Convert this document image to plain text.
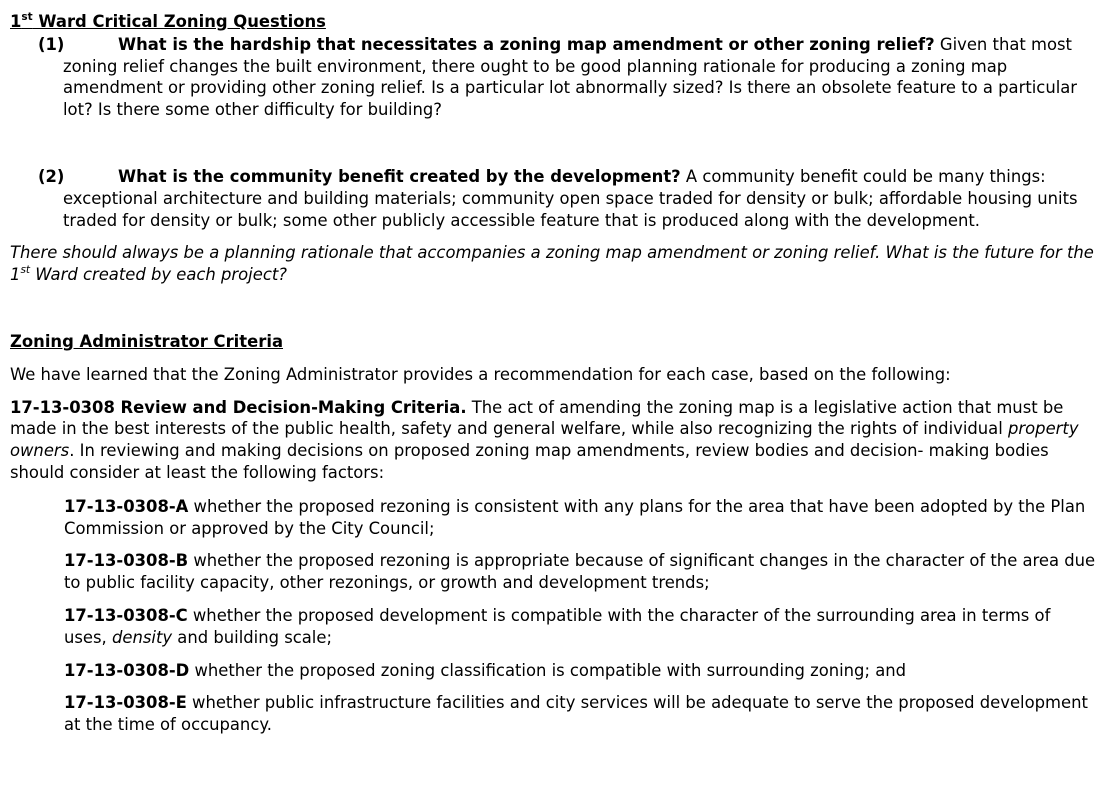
1st Ward Critical Zoning Questions

(1)	What is the hardship that necessitates a zoning map amendment or other zoning relief? Given that most zoning relief changes the built environment, there ought to be good planning rationale for producing a zoning map amendment or providing other zoning relief. Is a particular lot abnormally sized? Is there an obsolete feature to a particular lot? Is there some other difficulty for building?

(2)	What is the community benefit created by the development? A community benefit could be many things: exceptional architecture and building materials; community open space traded for density or bulk; affordable housing units traded for density or bulk; some other publicly accessible feature that is produced along with the development.

There should always be a planning rationale that accompanies a zoning map amendment or zoning relief. What is the future for the 1st Ward created by each project?

Zoning Administrator Criteria

We have learned that the Zoning Administrator provides a recommendation for each case, based on the following:

17-13-0308 Review and Decision-Making Criteria. The act of amending the zoning map is a legislative action that must be made in the best interests of the public health, safety and general welfare, while also recognizing the rights of individual property owners. In reviewing and making decisions on proposed zoning map amendments, review bodies and decision- making bodies should consider at least the following factors:

17-13-0308-A whether the proposed rezoning is consistent with any plans for the area that have been adopted by the Plan Commission or approved by the City Council;

17-13-0308-B whether the proposed rezoning is appropriate because of significant changes in the character of the area due to public facility capacity, other rezonings, or growth and development trends;

17-13-0308-C whether the proposed development is compatible with the character of the surrounding area in terms of uses, density and building scale;

17-13-0308-D whether the proposed zoning classification is compatible with surrounding zoning; and

17-13-0308-E whether public infrastructure facilities and city services will be adequate to serve the proposed development at the time of occupancy.
